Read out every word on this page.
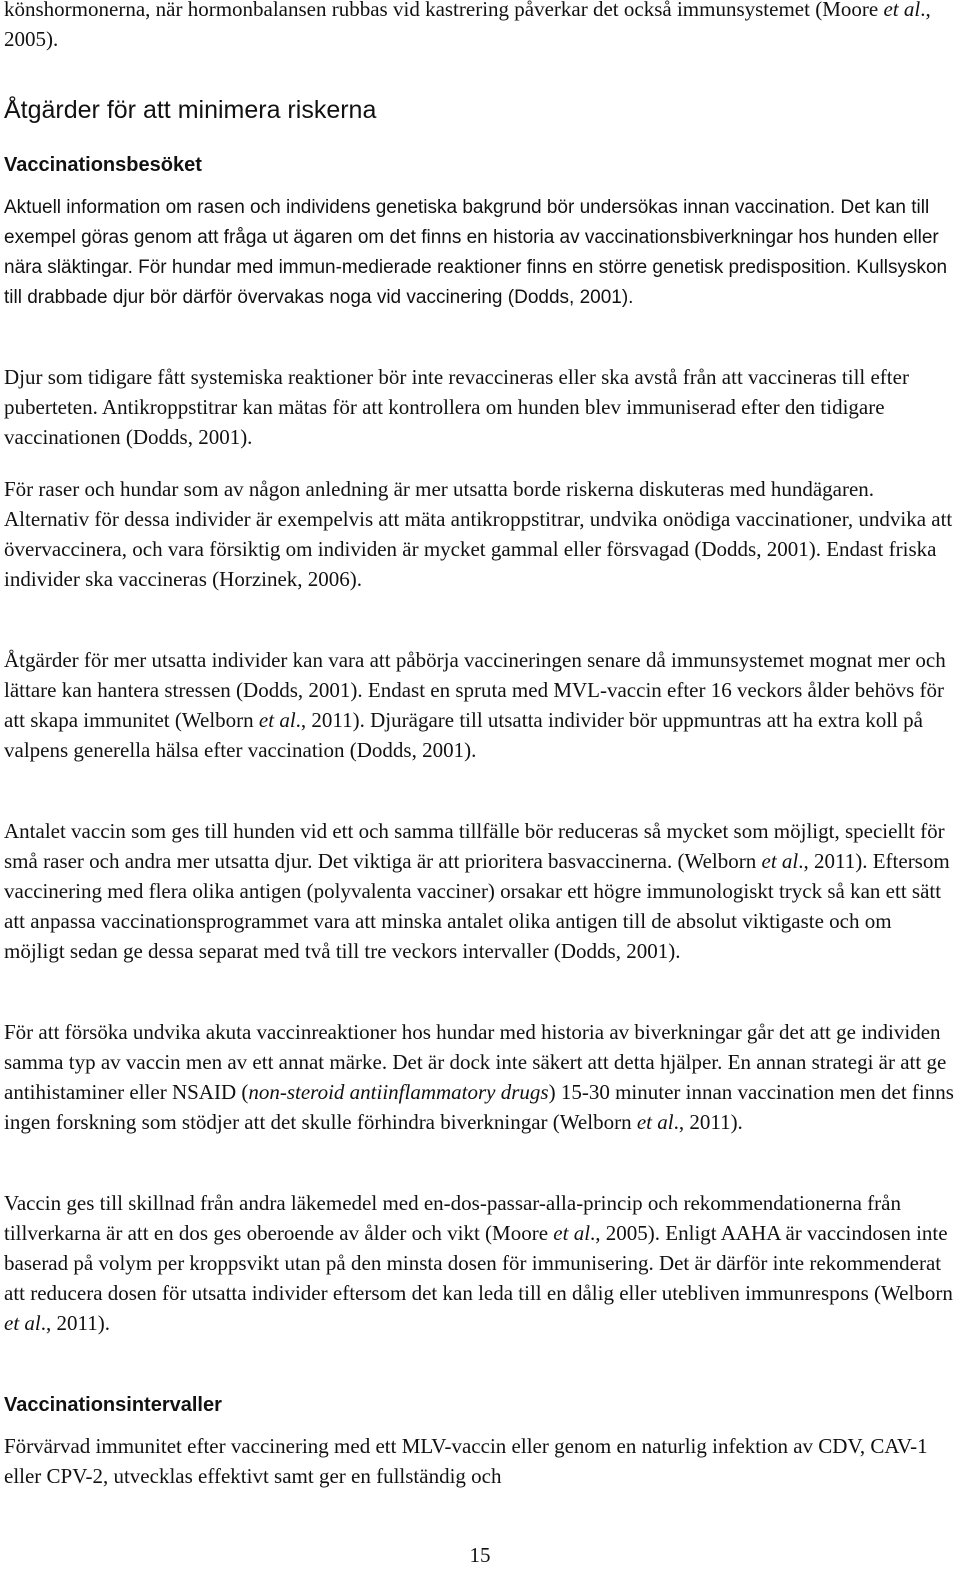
könshormonerna, när hormonbalansen rubbas vid kastrering påverkar det också immunsystemet (Moore et al., 2005).

Åtgärder för att minimera riskerna
Vaccinationsbesöket

Aktuell information om rasen och individens genetiska bakgrund bör undersökas innan vaccination. Det kan till exempel göras genom att fråga ut ägaren om det finns en historia av vaccinationsbiverkningar hos hunden eller nära släktingar. För hundar med immun-medierade reaktioner finns en större genetisk predisposition. Kullsyskon till drabbade djur bör därför övervakas noga vid vaccinering (Dodds, 2001).

Djur som tidigare fått systemiska reaktioner bör inte revaccineras eller ska avstå från att vaccineras till efter puberteten. Antikroppstitrar kan mätas för att kontrollera om hunden blev immuniserad efter den tidigare vaccinationen (Dodds, 2001).

För raser och hundar som av någon anledning är mer utsatta borde riskerna diskuteras med hundägaren. Alternativ för dessa individer är exempelvis att mäta antikroppstitrar, undvika onödiga vaccinationer, undvika att övervaccinera, och vara försiktig om individen är mycket gammal eller försvagad (Dodds, 2001). Endast friska individer ska vaccineras (Horzinek, 2006).

Åtgärder för mer utsatta individer kan vara att påbörja vaccineringen senare då immunsystemet mognat mer och lättare kan hantera stressen (Dodds, 2001). Endast en spruta med MVL-vaccin efter 16 veckors ålder behövs för att skapa immunitet (Welborn et al., 2011). Djurägare till utsatta individer bör uppmuntras att ha extra koll på valpens generella hälsa efter vaccination (Dodds, 2001).

Antalet vaccin som ges till hunden vid ett och samma tillfälle bör reduceras så mycket som möjligt, speciellt för små raser och andra mer utsatta djur. Det viktiga är att prioritera basvaccinerna. (Welborn et al., 2011). Eftersom vaccinering med flera olika antigen (polyvalenta vacciner) orsakar ett högre immunologiskt tryck så kan ett sätt att anpassa vaccinationsprogrammet vara att minska antalet olika antigen till de absolut viktigaste och om möjligt sedan ge dessa separat med två till tre veckors intervaller (Dodds, 2001).

För att försöka undvika akuta vaccinreaktioner hos hundar med historia av biverkningar går det att ge individen samma typ av vaccin men av ett annat märke. Det är dock inte säkert att detta hjälper. En annan strategi är att ge antihistaminer eller NSAID (non-steroid antiinflammatory drugs) 15-30 minuter innan vaccination men det finns ingen forskning som stödjer att det skulle förhindra biverkningar (Welborn et al., 2011).

Vaccin ges till skillnad från andra läkemedel med en-dos-passar-alla-princip och rekommendationerna från tillverkarna är att en dos ges oberoende av ålder och vikt (Moore et al., 2005). Enligt AAHA är vaccindosen inte baserad på volym per kroppsvikt utan på den minsta dosen för immunisering. Det är därför inte rekommenderat att reducera dosen för utsatta individer eftersom det kan leda till en dålig eller utebliven immunrespons (Welborn et al., 2011).

Vaccinationsintervaller

Förvärvad immunitet efter vaccinering med ett MLV-vaccin eller genom en naturlig infektion av CDV, CAV-1 eller CPV-2, utvecklas effektivt samt ger en fullständig och

15
